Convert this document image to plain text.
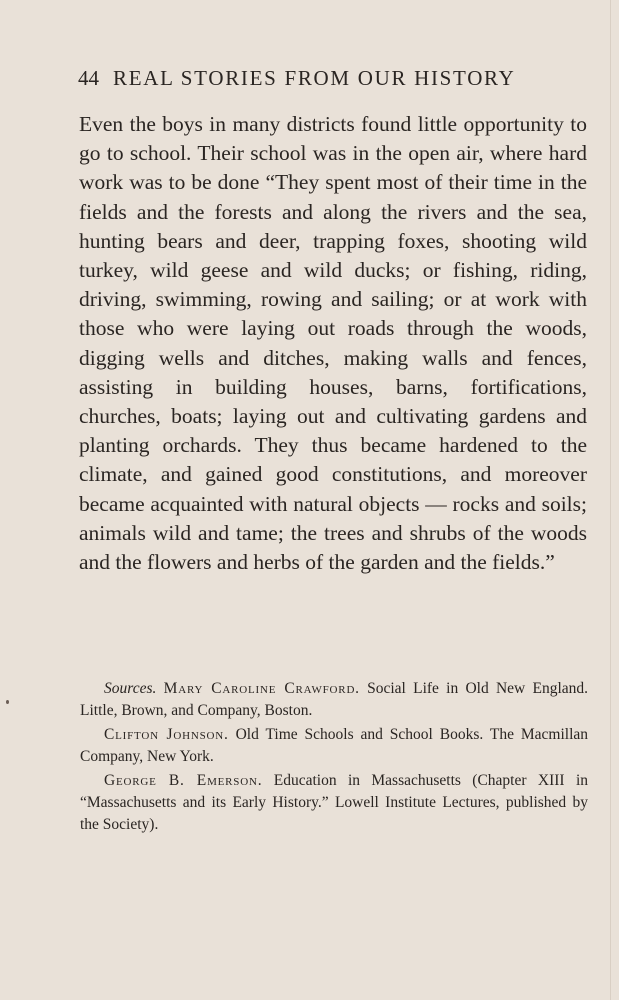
44 REAL STORIES FROM OUR HISTORY

Even the boys in many districts found little opportunity to go to school. Their school was in the open air, where hard work was to be done “They spent most of their time in the fields and the forests and along the rivers and the sea, hunting bears and deer, trapping foxes, shooting wild turkey, wild geese and wild ducks; or fishing, riding, driving, swimming, rowing and sailing; or at work with those who were laying out roads through the woods, digging wells and ditches, making walls and fences, assisting in building houses, barns, fortifications, churches, boats; laying out and cultivating gardens and planting orchards. They thus became hardened to the climate, and gained good constitutions, and moreover became acquainted with natural objects — rocks and soils; animals wild and tame; the trees and shrubs of the woods and the flowers and herbs of the garden and the fields.”

Sources. Mary Caroline Crawford. Social Life in Old New England. Little, Brown, and Company, Boston.

Clifton Johnson. Old Time Schools and School Books. The Macmillan Company, New York.

George B. Emerson. Education in Massachusetts (Chapter XIII in “Massachusetts and its Early History.” Lowell Institute Lectures, published by the Society).
